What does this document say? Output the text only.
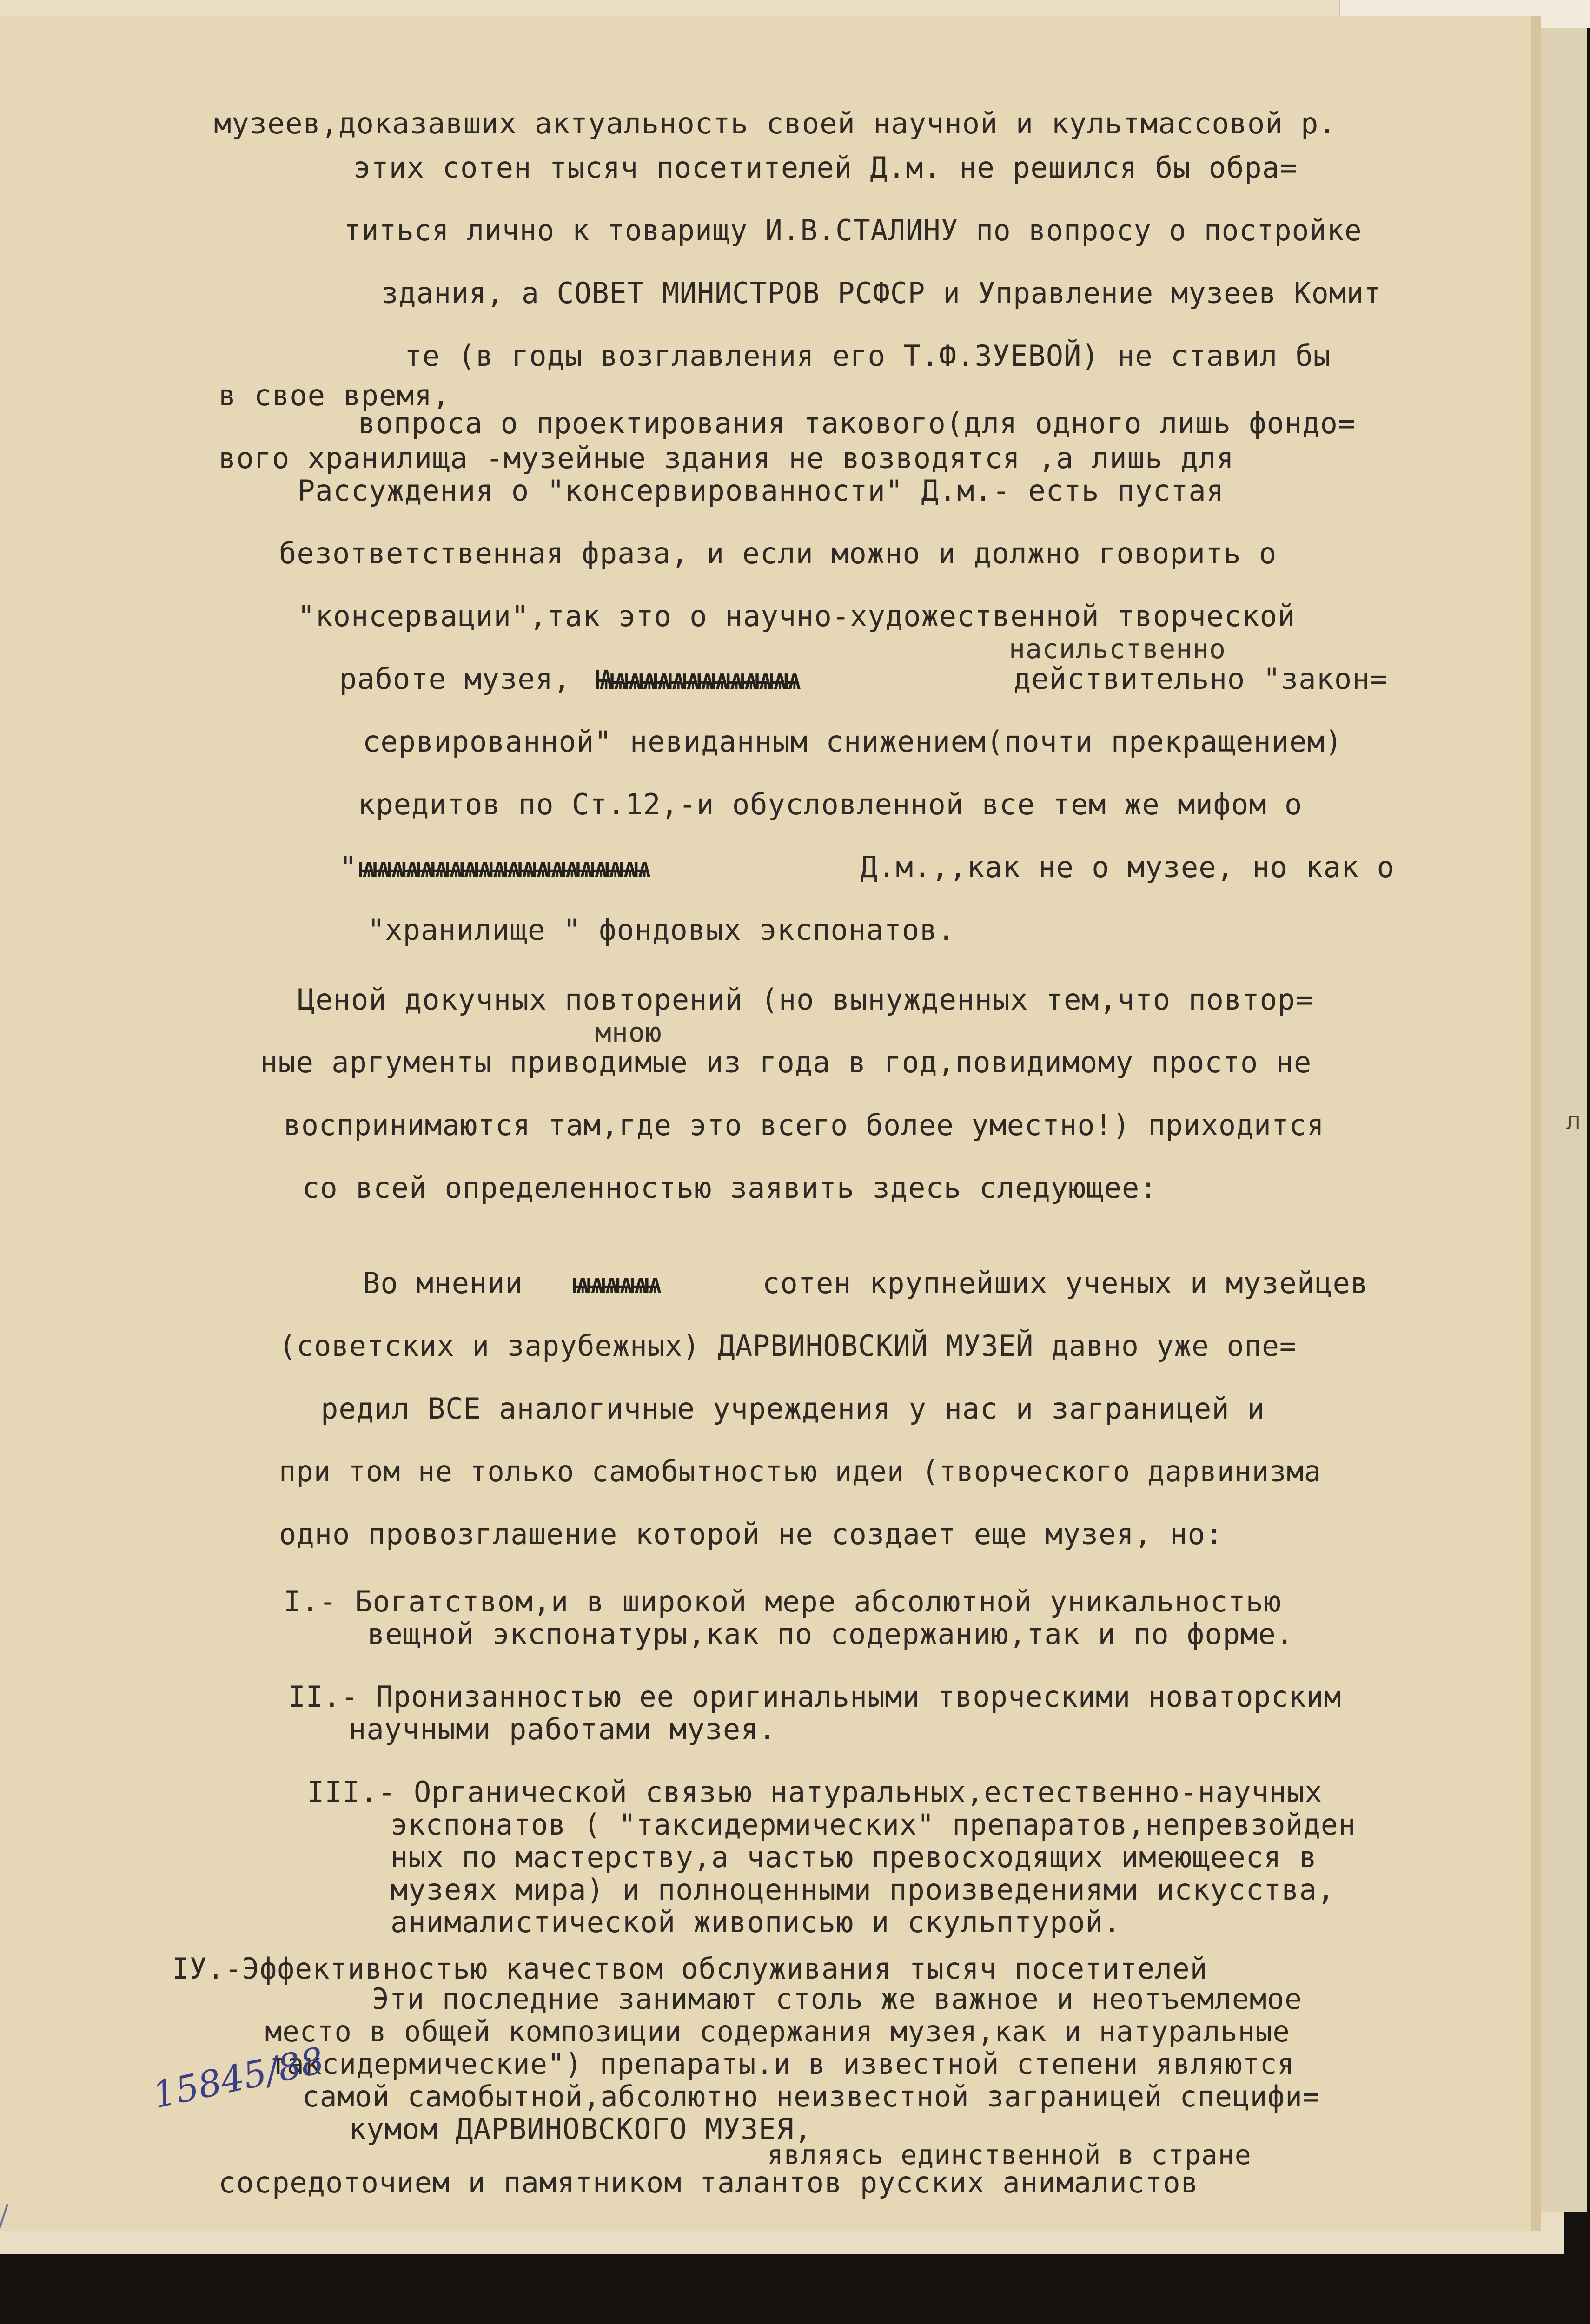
музеев,доказавших актуальность своей научной и культмассовой р.
этих сотен тысяч посетителей Д.м. не решился бы обра=
титься лично к товарищу И.В.СТАЛИНУ по вопросу о постройке
здания, а СОВЕТ МИНИСТРОВ РСФСР и Управление музеев Комит
те (в годы возглавления его Т.Ф.ЗУЕВОЙ) не ставил бы
в свое время,
вопроса о проектирования такового(для одного лишь фондо=
вого хранилища -музейные здания не возводятся ,а лишь для
Рассуждения о "консервированности" Д.м.- есть пустая
безответственная фраза, и если можно и должно говорить о
"консервации",так это о научно-художественной творческой
насильственно
работе музея, Ѩѩѩѩѩѩѩѩѩѩѩѩѩѩ	действительно "закон=
сервированной" невиданным снижением(почти прекращением)
кредитов по Ст.12,-и обусловленной все тем же мифом о
" ѩѩѩѩѩѩѩѩѩѩѩѩѩѩѩѩѩѩѩѩ	Д.м.,,как не о музее, но как о
"хранилище " фондовых экспонатов.
Ценой докучных повторений (но вынужденных тем,что повтор=
мною
ные аргументы приводимые из года в год,повидимому просто не
воспринимаются там,где это всего более уместно!) приходится
со всей определенностью заявить здесь следующее:
Во мнении ѩѩѩѩѩѩ	сотен крупнейших ученых и музейцев
(советских и зарубежных) ДАРВИНОВСКИЙ МУЗЕЙ давно уже опе=
редил ВСЕ аналогичные учреждения у нас и заграницей и
при том не только самобытностью идеи (творческого дарвинизма
одно провозглашение которой не создает еще музея, но:
I.- Богатством,и в широкой мере абсолютной уникальностью
вещной экспонатуры,как по содержанию,так и по форме.
II.- Пронизанностью ее оригинальными творческими новаторским
научными работами музея.
III.- Органической связью натуральных,естественно-научных
экспонатов ( "таксидермических" препаратов,непревзойден
ных по мастерству,а частью превосходящих имеющееся в
музеях мира) и полноценными произведениями искусства,
анималистической живописью и скульптурой.
IУ.-Эффективностью качеством обслуживания тысяч посетителей
Эти последние занимают столь же важное и неотъемлемое
место в общей композиции содержания музея,как и натуральные
таксидермические") препараты.и в известной степени являются
самой самобытной,абсолютно неизвестной заграницей специфи=
кумом ДАРВИНОВСКОГО МУЗЕЯ,
являясь единственной в стране
сосредоточием и памятником талантов русских анималистов
15845/88
л
